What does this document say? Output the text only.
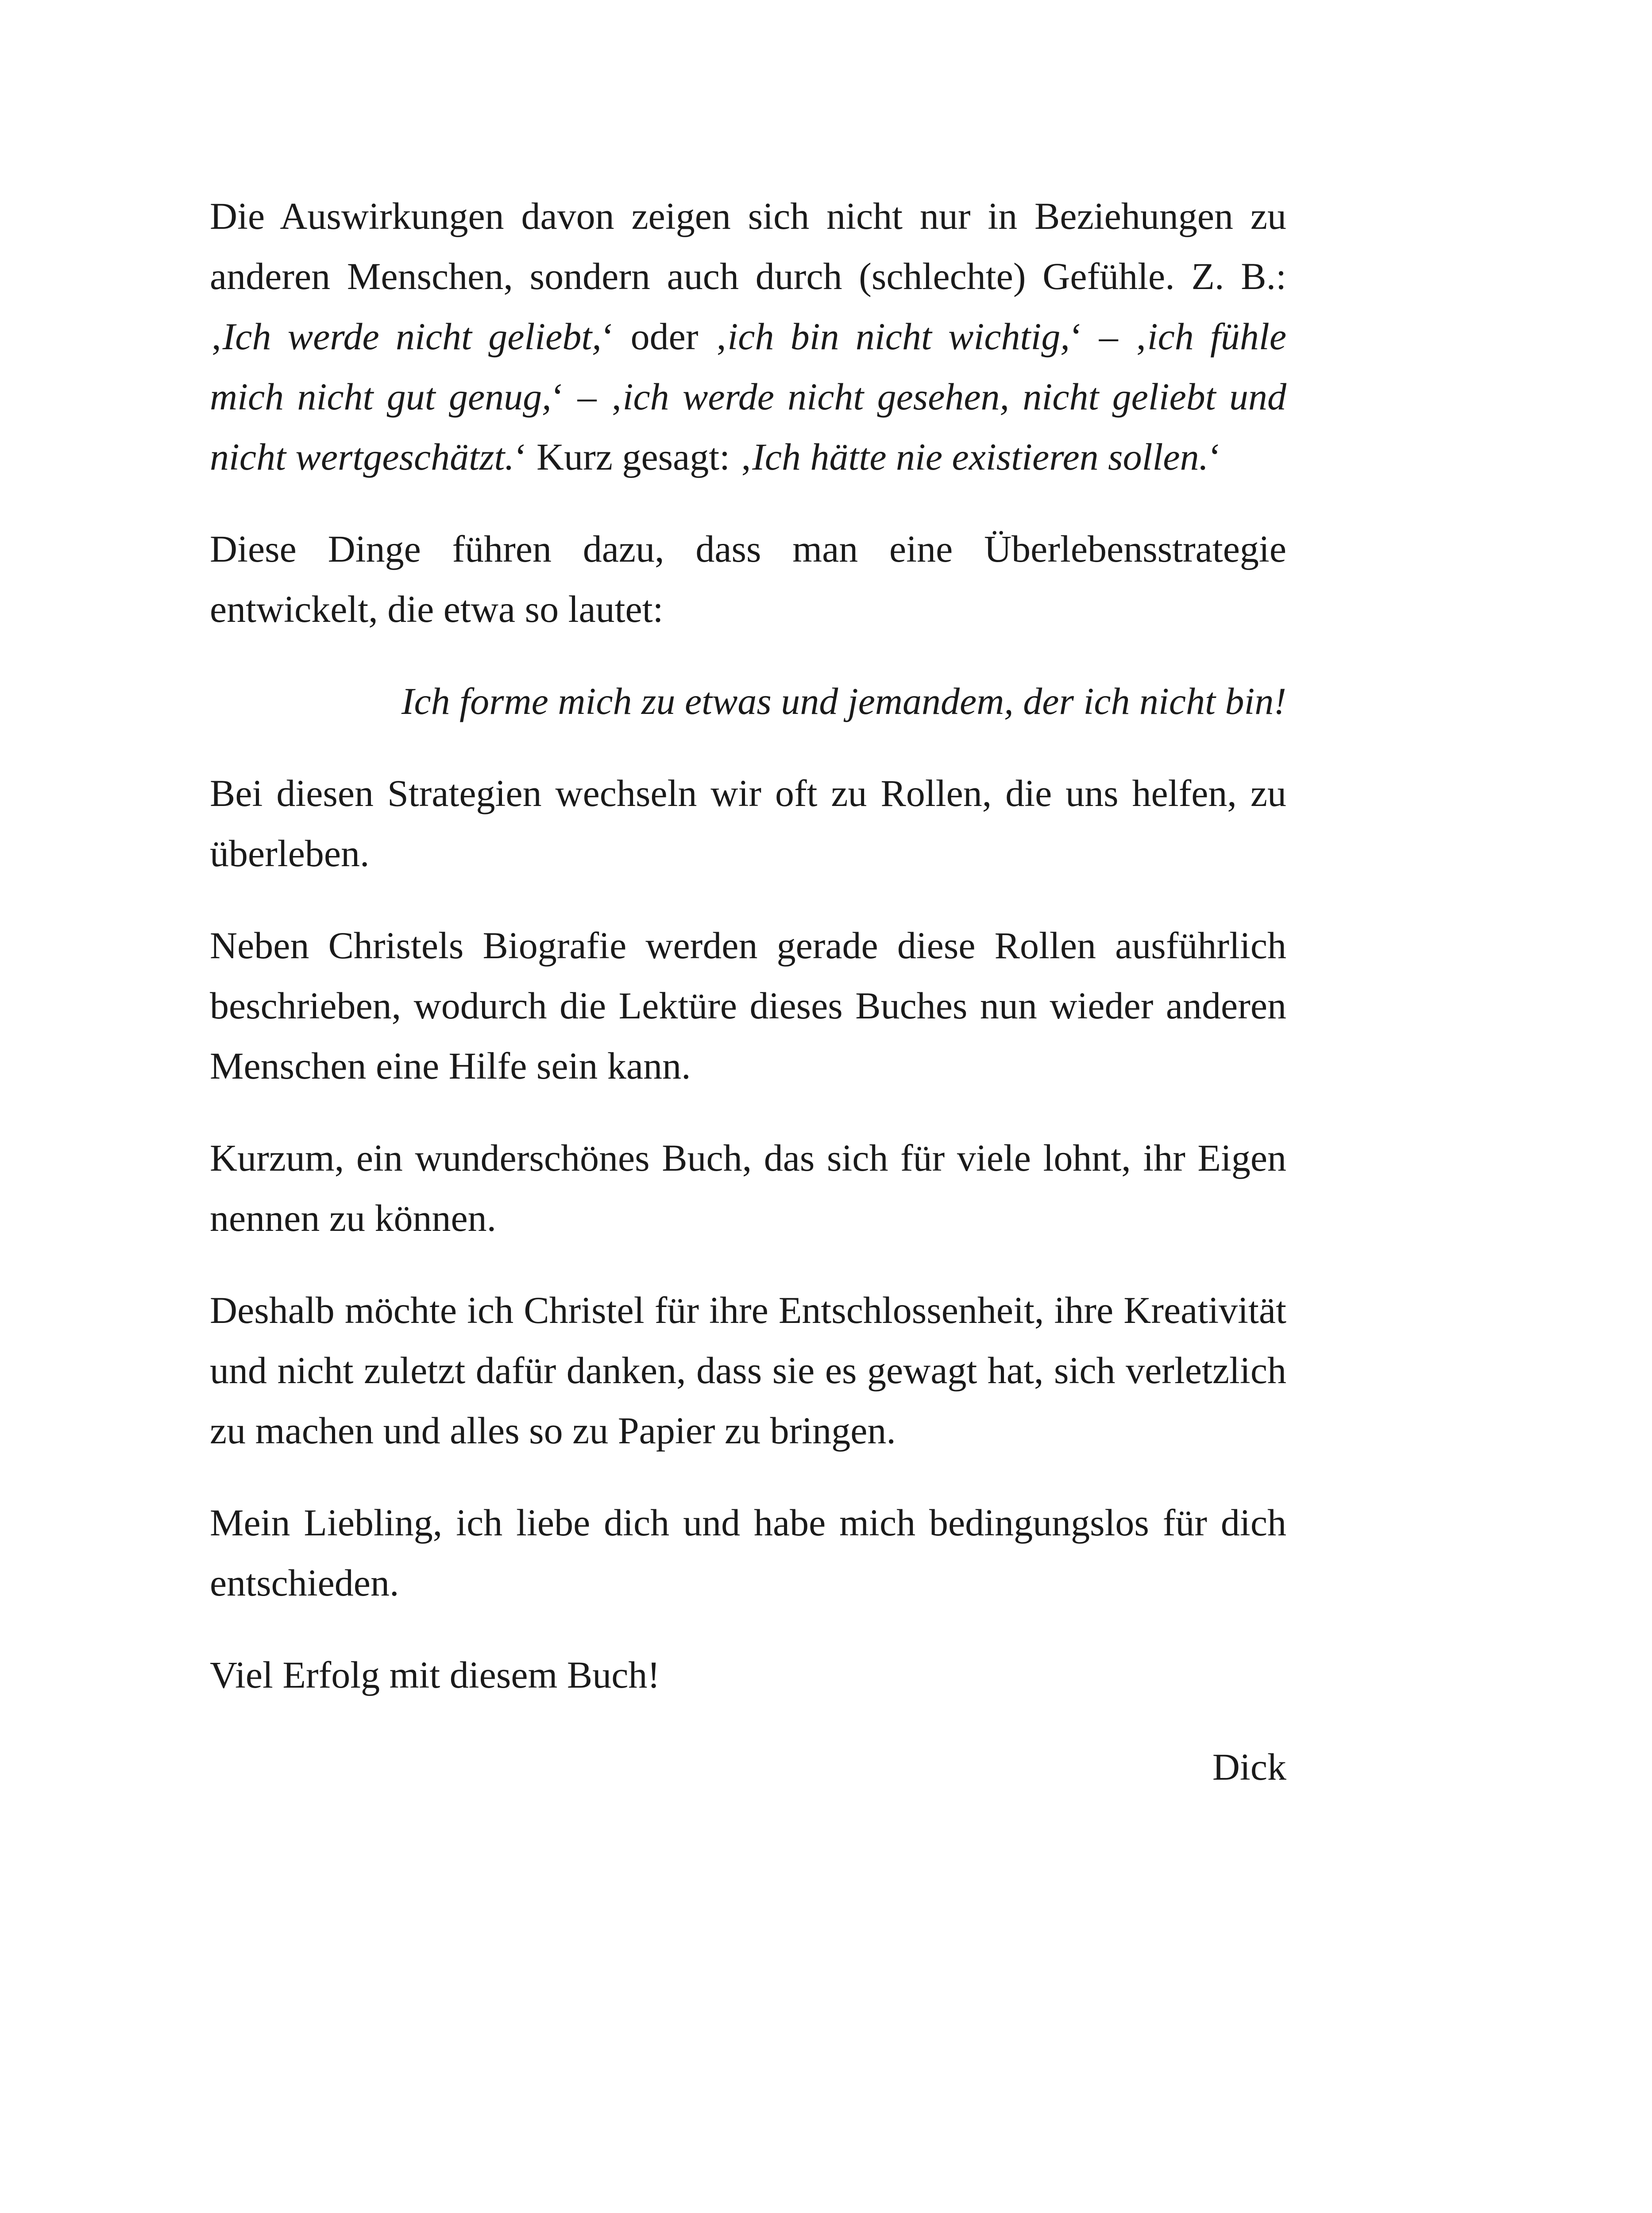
Die Auswirkungen davon zeigen sich nicht nur in Beziehungen zu anderen Menschen, sondern auch durch (schlechte) Gefühle. Z. B.: ‚Ich werde nicht geliebt,‘ oder ‚ich bin nicht wichtig,‘ – ‚ich fühle mich nicht gut genug,‘ – ‚ich werde nicht gesehen, nicht geliebt und nicht wertgeschätzt.‘ Kurz gesagt: ‚Ich hätte nie existieren sollen.‘

Diese Dinge führen dazu, dass man eine Überlebensstrategie entwickelt, die etwa so lautet:

Ich forme mich zu etwas und jemandem, der ich nicht bin!

Bei diesen Strategien wechseln wir oft zu Rollen, die uns helfen, zu überleben.

Neben Christels Biografie werden gerade diese Rollen ausführlich beschrieben, wodurch die Lektüre dieses Buches nun wieder anderen Menschen eine Hilfe sein kann.

Kurzum, ein wunderschönes Buch, das sich für viele lohnt, ihr Eigen nennen zu können.

Deshalb möchte ich Christel für ihre Entschlossenheit, ihre Kreativität und nicht zuletzt dafür danken, dass sie es gewagt hat, sich verletzlich zu machen und alles so zu Papier zu bringen.

Mein Liebling, ich liebe dich und habe mich bedingungslos für dich entschieden.

Viel Erfolg mit diesem Buch!

Dick
